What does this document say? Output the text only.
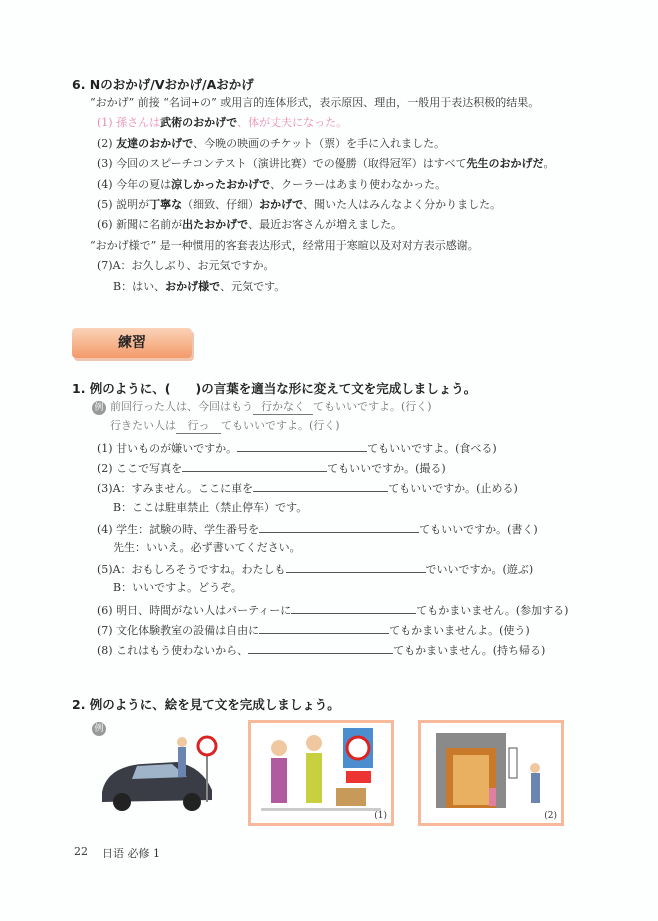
6. Nのおかげ/Vおかげ/Aおかげ
“おかげ” 前接 “名词+の” 或用言的连体形式，表示原因、理由，一般用于表达积极的结果。
(1) 孫さんは武術のおかげで、体が丈夫になった。
(2) 友達のおかげで、今晩の映画のチケット（票）を手に入れました。
(3) 今回のスピーチコンテスト（演讲比赛）での優勝（取得冠军）はすべて先生のおかげだ。
(4) 今年の夏は涼しかったおかげで、クーラーはあまり使わなかった。
(5) 説明が丁寧な（细致、仔细）おかげで、聞いた人はみんなよく分かりました。
(6) 新聞に名前が出たおかげで、最近お客さんが増えました。
“おかげ様で” 是一种惯用的客套表达形式，经常用于寒暄以及对对方表示感谢。
(7)A：お久しぶり、お元気ですか。
B：はい、おかげ様で、元気です。
練習
1. 例のように、(　　)の言葉を適当な形に変えて文を完成しましょう。
例 前回行った人は、今回はもう 行かなく てもいいですよ。(行く)
行きたい人は 行っ てもいいですよ。(行く)
(1) 甘いものが嫌いですか。	てもいいですよ。(食べる)
(2) ここで写真を	てもいいですか。(撮る)
(3)A：すみません。ここに車を	てもいいですか。(止める)
B：ここは駐車禁止（禁止停车）です。
(4) 学生：試験の時、学生番号を	てもいいですか。(書く)
先生：いいえ。必ず書いてください。
(5)A：おもしろそうですね。わたしも	でいいですか。(遊ぶ)
B：いいですよ。どうぞ。
(6) 明日、時間がない人はパーティーに	てもかまいません。(参加する)
(7) 文化体験教室の設備は自由に	てもかまいませんよ。(使う)
(8) これはもう使わないから、	てもかまいません。(持ち帰る)
2. 例のように、絵を見て文を完成しましょう。
例
(1)	(2)
22 日语 必修 1
